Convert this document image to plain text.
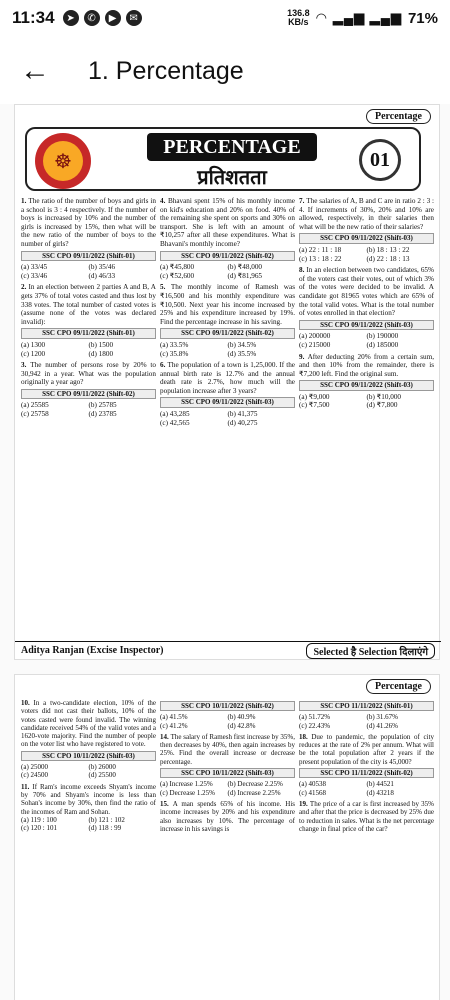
11:34	➤	✆	▶	✉	136.8
KB/s ◠ ▂▄▆ ▂▄▆ 71%
←	1. Percentage
Percentage
☸
PERCENTAGE
प्रतिशतता
01
1. The ratio of the number of boys and girls in a school is 3 : 4 respectively. If the number of boys is increased by 10% and the number of girls is increased by 15%, then what will be the new ratio of the number of boys to the number of girls?
SSC CPO 09/11/2022 (Shift-01)
(a) 33/45	(b) 35/46
(c) 33/46	(d) 46/33
2. In an election between 2 parties A and B, A gets 37% of total votes casted and thus lost by 338 votes. The total number of casted votes is (assume none of the votes was declared invalid):
SSC CPO 09/11/2022 (Shift-01)
(a) 1300	(b) 1500
(c) 1200	(d) 1800
3. The number of persons rose by 20% to 30,942 in a year. What was the population originally a year ago?
SSC CPO 09/11/2022 (Shift-02)
(a) 25585	(b) 25785
(c) 25758	(d) 23785
4. Bhavani spent 15% of his monthly income on kid's education and 20% on food. 40% of the remaining she spent on sports and 30% on transport. She is left with an amount of ₹10,257 after all these expenditures. What is Bhavani's monthly income?
SSC CPO 09/11/2022 (Shift-02)
(a) ₹45,800	(b) ₹48,000
(c) ₹52,600	(d) ₹81,965
5. The monthly income of Ramesh was ₹16,500 and his monthly expenditure was ₹10,500. Next year his income increased by 25% and his expenditure increased by 19%. Find the percentage increase in his saving.
SSC CPO 09/11/2022 (Shift-02)
(a) 33.5%	(b) 34.5%
(c) 35.8%	(d) 35.5%
6. The population of a town is 1,25,000. If the annual birth rate is 12.7% and the annual death rate is 2.7%, how much will the population increase after 3 years?
SSC CPO 09/11/2022 (Shift-03)
(a) 43,285	(b) 41,375
(c) 42,565	(d) 40,275
7. The salaries of A, B and C are in ratio 2 : 3 : 4. If increments of 30%, 20% and 10% are allowed, respectively, in their salaries then what will be the new ratio of their salaries?
SSC CPO 09/11/2022 (Shift-03)
(a) 22 : 11 : 18	(b) 18 : 13 : 22
(c) 13 : 18 : 22	(d) 22 : 18 : 13
8. In an election between two candidates, 65% of the voters cast their votes, out of which 3% of the votes were decided to be invalid. A candidate got 81965 votes which are 65% of the total valid votes. What is the total number of votes enrolled in that election?
SSC CPO 09/11/2022 (Shift-03)
(a) 200000	(b) 190000
(c) 215000	(d) 185000
9. After deducting 20% from a certain sum, and then 10% from the remainder, there is ₹7,200 left. Find the original sum.
SSC CPO 09/11/2022 (Shift-03)
(a) ₹9,000	(b) ₹10,000
(c) ₹7,500	(d) ₹7,800
Aditya Ranjan (Excise Inspector)	Selected है Selection दिलाएंगे
Percentage
10. In a two-candidate election, 10% of the voters did not cast their ballots, 10% of the votes casted were found invalid. The winning candidate received 54% of the valid votes and a 1620-vote majority. Find the number of people on the voter list who have registered to vote.
SSC CPO 10/11/2022 (Shift-03)
(a) 25000	(b) 26000
(c) 24500	(d) 25500
11. If Ram's income exceeds Shyam's income by 70% and Shyam's income is less than Sohan's income by 30%, then find the ratio of the incomes of Ram and Sohan.
(a) 119 : 100	(b) 121 : 102
(c) 120 : 101	(d) 118 : 99
SSC CPO 10/11/2022 (Shift-02)
(a) 41.5%	(b) 40.9%
(c) 41.2%	(d) 42.8%
14. The salary of Ramesh first increase by 35%, then decreases by 40%, then again increases by 25%. Find the overall increase or decrease percentage.
SSC CPO 10/11/2022 (Shift-03)
(a) Increase 1.25%	(b) Decrease 2.25%
(c) Decrease 1.25%	(d) Increase 2.25%
15. A man spends 65% of his income. His income increases by 20% and his expenditure also increases by 10%. The percentage of increase in his savings is
SSC CPO 11/11/2022 (Shift-01)
(a) 51.72%	(b) 31.67%
(c) 22.43%	(d) 41.26%
18. Due to pandemic, the population of city reduces at the rate of 2% per annum. What will be the total population after 2 years if the present population of the city is 45,000?
SSC CPO 11/11/2022 (Shift-02)
(a) 40538	(b) 44521
(c) 41568	(d) 43218
19. The price of a car is first increased by 35% and after that the price is decreased by 25% due to reduction in sales. What is the net percentage change in final price of the car?
